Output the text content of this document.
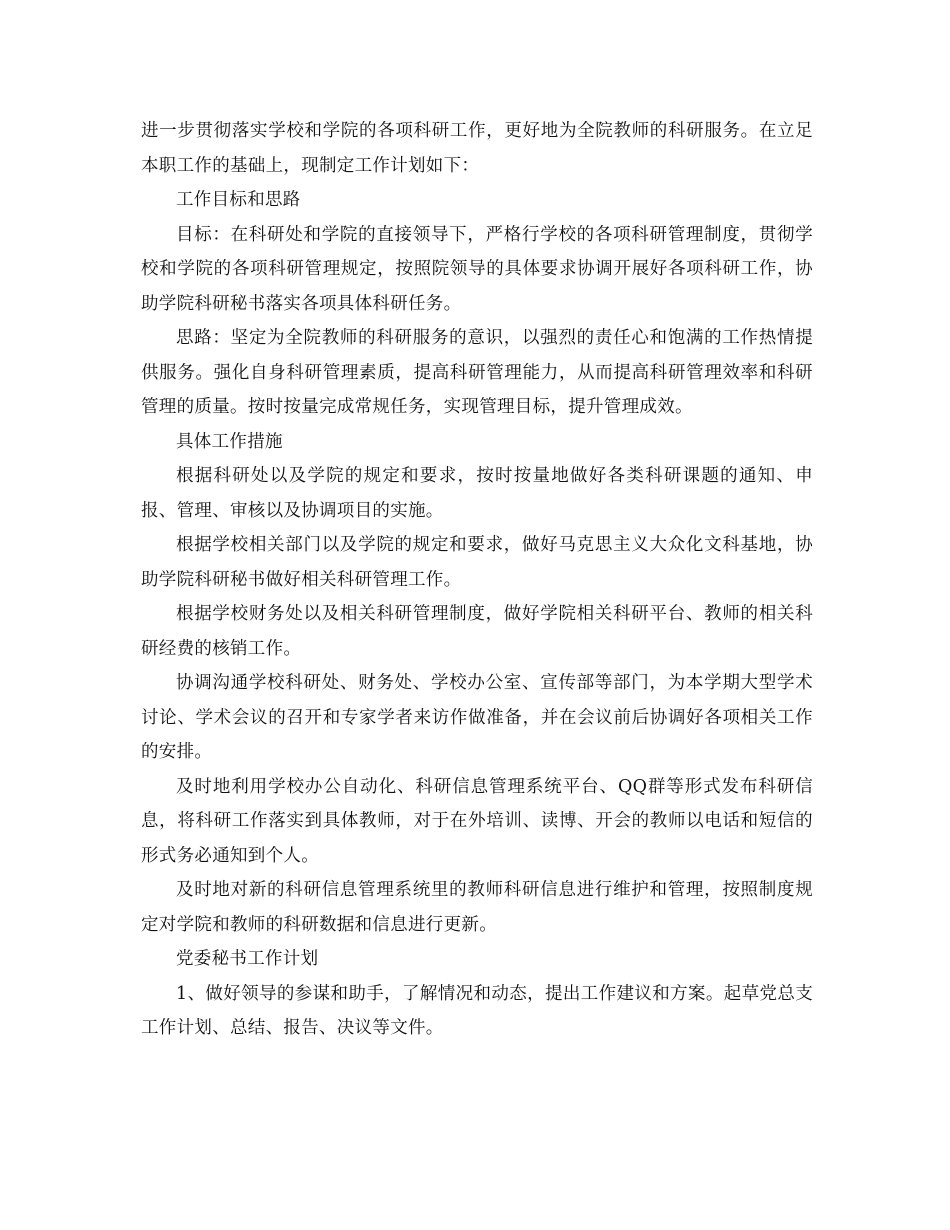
进一步贯彻落实学校和学院的各项科研工作，更好地为全院教师的科研服务。在立足本职工作的基础上，现制定工作计划如下：

工作目标和思路

目标：在科研处和学院的直接领导下，严格行学校的各项科研管理制度，贯彻学校和学院的各项科研管理规定，按照院领导的具体要求协调开展好各项科研工作，协助学院科研秘书落实各项具体科研任务。

思路：坚定为全院教师的科研服务的意识，以强烈的责任心和饱满的工作热情提供服务。强化自身科研管理素质，提高科研管理能力，从而提高科研管理效率和科研管理的质量。按时按量完成常规任务，实现管理目标，提升管理成效。

具体工作措施

根据科研处以及学院的规定和要求，按时按量地做好各类科研课题的通知、申报、管理、审核以及协调项目的实施。

根据学校相关部门以及学院的规定和要求，做好马克思主义大众化文科基地，协助学院科研秘书做好相关科研管理工作。

根据学校财务处以及相关科研管理制度，做好学院相关科研平台、教师的相关科研经费的核销工作。

协调沟通学校科研处、财务处、学校办公室、宣传部等部门，为本学期大型学术讨论、学术会议的召开和专家学者来访作做准备，并在会议前后协调好各项相关工作的安排。

及时地利用学校办公自动化、科研信息管理系统平台、QQ群等形式发布科研信息，将科研工作落实到具体教师，对于在外培训、读博、开会的教师以电话和短信的形式务必通知到个人。

及时地对新的科研信息管理系统里的教师科研信息进行维护和管理，按照制度规定对学院和教师的科研数据和信息进行更新。

党委秘书工作计划

1、做好领导的参谋和助手，了解情况和动态，提出工作建议和方案。起草党总支工作计划、总结、报告、决议等文件。
